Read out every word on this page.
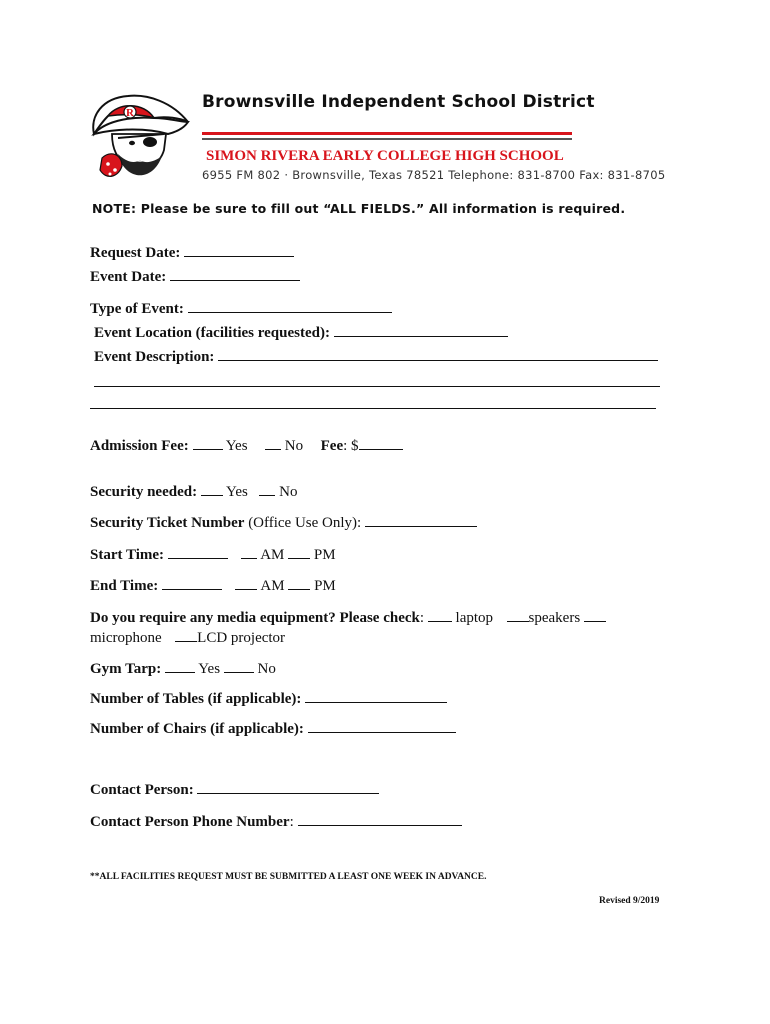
R
Brownsville Independent School District
SIMON RIVERA EARLY COLLEGE HIGH SCHOOL
6955 FM 802 · Brownsville, Texas 78521 Telephone: 831-8700 Fax: 831-8705
NOTE: Please be sure to fill out “ALL FIELDS.” All information is required.
Request Date:
Event Date:
Type of Event:
Event Location (facilities requested):
Event Description:
Admission Fee: Yes No Fee: $
Security needed: Yes No
Security Ticket Number (Office Use Only):
Start Time:	AM PM
End Time:	AM PM
Do you require any media equipment? Please check: laptop speakers
microphone LCD projector
Gym Tarp: Yes	No
Number of Tables (if applicable):
Number of Chairs (if applicable):
Contact Person:
Contact Person Phone Number:
**ALL FACILITIES REQUEST MUST BE SUBMITTED A LEAST ONE WEEK IN ADVANCE.
Revised 9/2019
